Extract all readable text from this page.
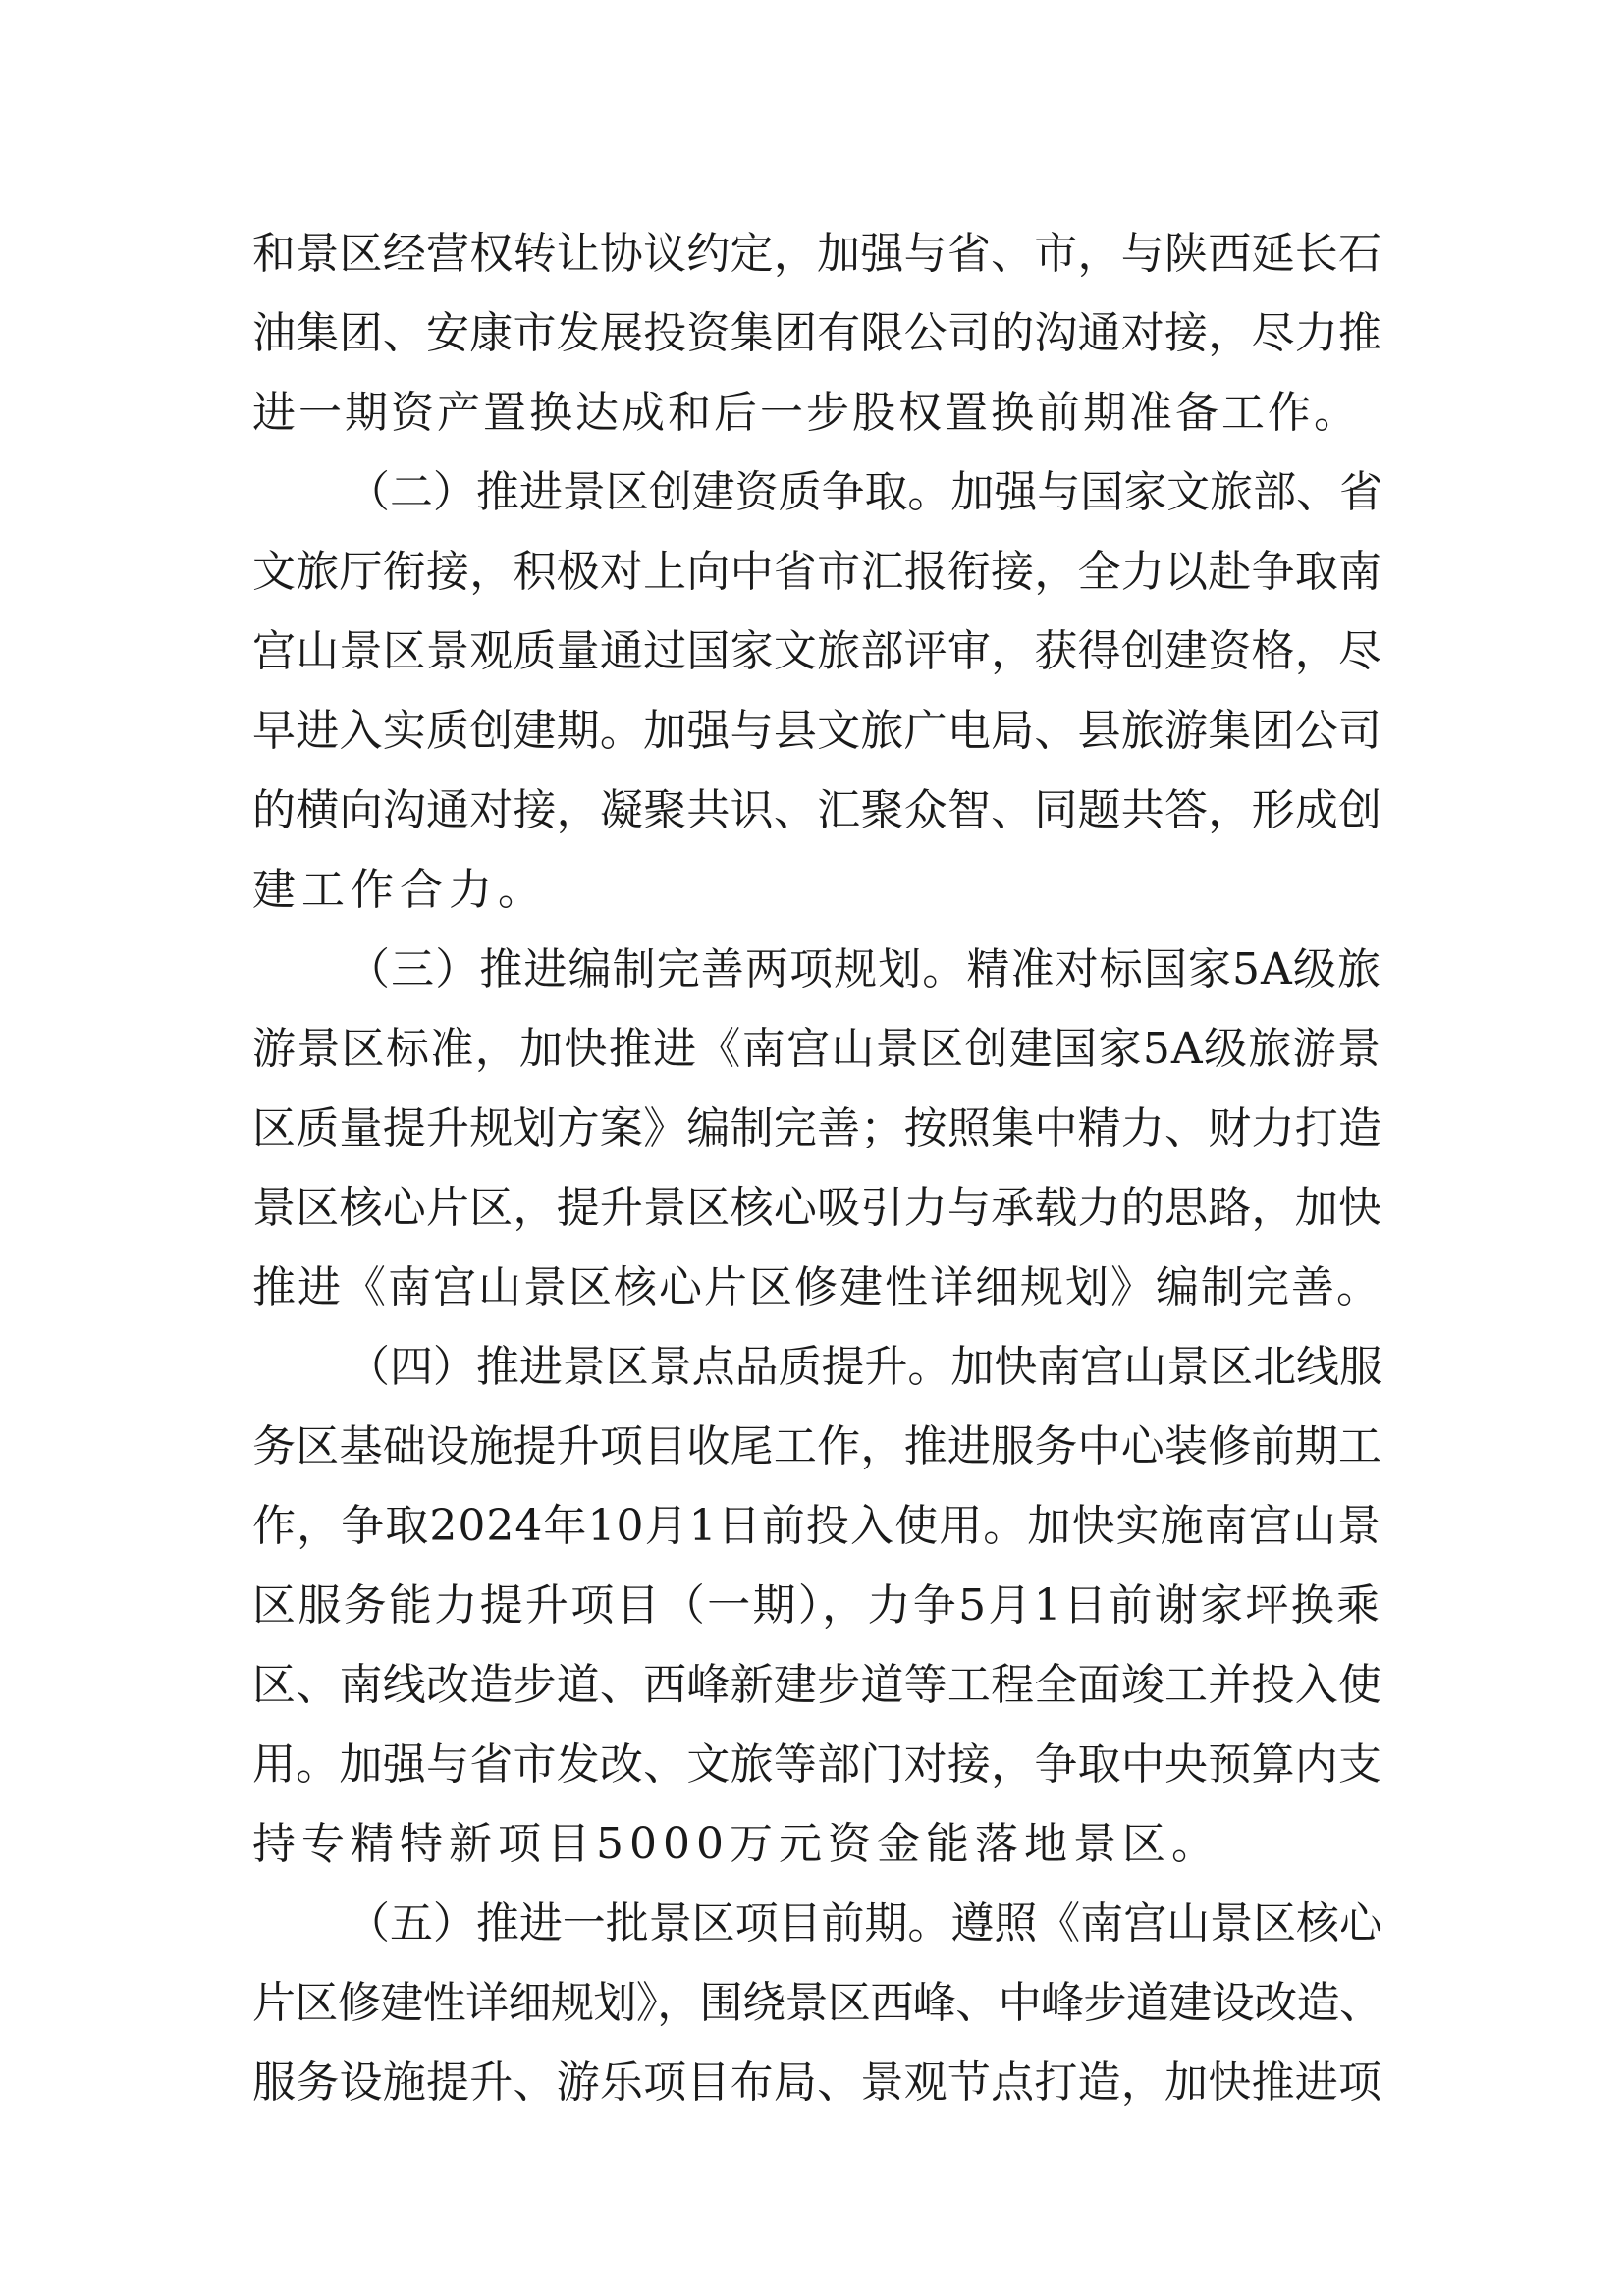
和景区经营权转让协议约定，加强与省、市，与陕西延长石
油集团、安康市发展投资集团有限公司的沟通对接，尽力推
进一期资产置换达成和后一步股权置换前期准备工作。
（二）推进景区创建资质争取。加强与国家文旅部、省
文旅厅衔接，积极对上向中省市汇报衔接，全力以赴争取南
宫山景区景观质量通过国家文旅部评审，获得创建资格，尽
早进入实质创建期。加强与县文旅广电局、县旅游集团公司
的横向沟通对接，凝聚共识、汇聚众智、同题共答，形成创
建工作合力。
（三）推进编制完善两项规划。精准对标国家5A级旅
游景区标准，加快推进《南宫山景区创建国家5A级旅游景
区质量提升规划方案》编制完善；按照集中精力、财力打造
景区核心片区，提升景区核心吸引力与承载力的思路，加快
推进《南宫山景区核心片区修建性详细规划》编制完善。
（四）推进景区景点品质提升。加快南宫山景区北线服
务区基础设施提升项目收尾工作，推进服务中心装修前期工
作，争取2024年10月1日前投入使用。加快实施南宫山景
区服务能力提升项目（一期），力争5月1日前谢家坪换乘
区、南线改造步道、西峰新建步道等工程全面竣工并投入使
用。加强与省市发改、文旅等部门对接，争取中央预算内支
持专精特新项目5000万元资金能落地景区。
（五）推进一批景区项目前期。遵照《南宫山景区核心
片区修建性详细规划》，围绕景区西峰、中峰步道建设改造、
服务设施提升、游乐项目布局、景观节点打造，加快推进项
